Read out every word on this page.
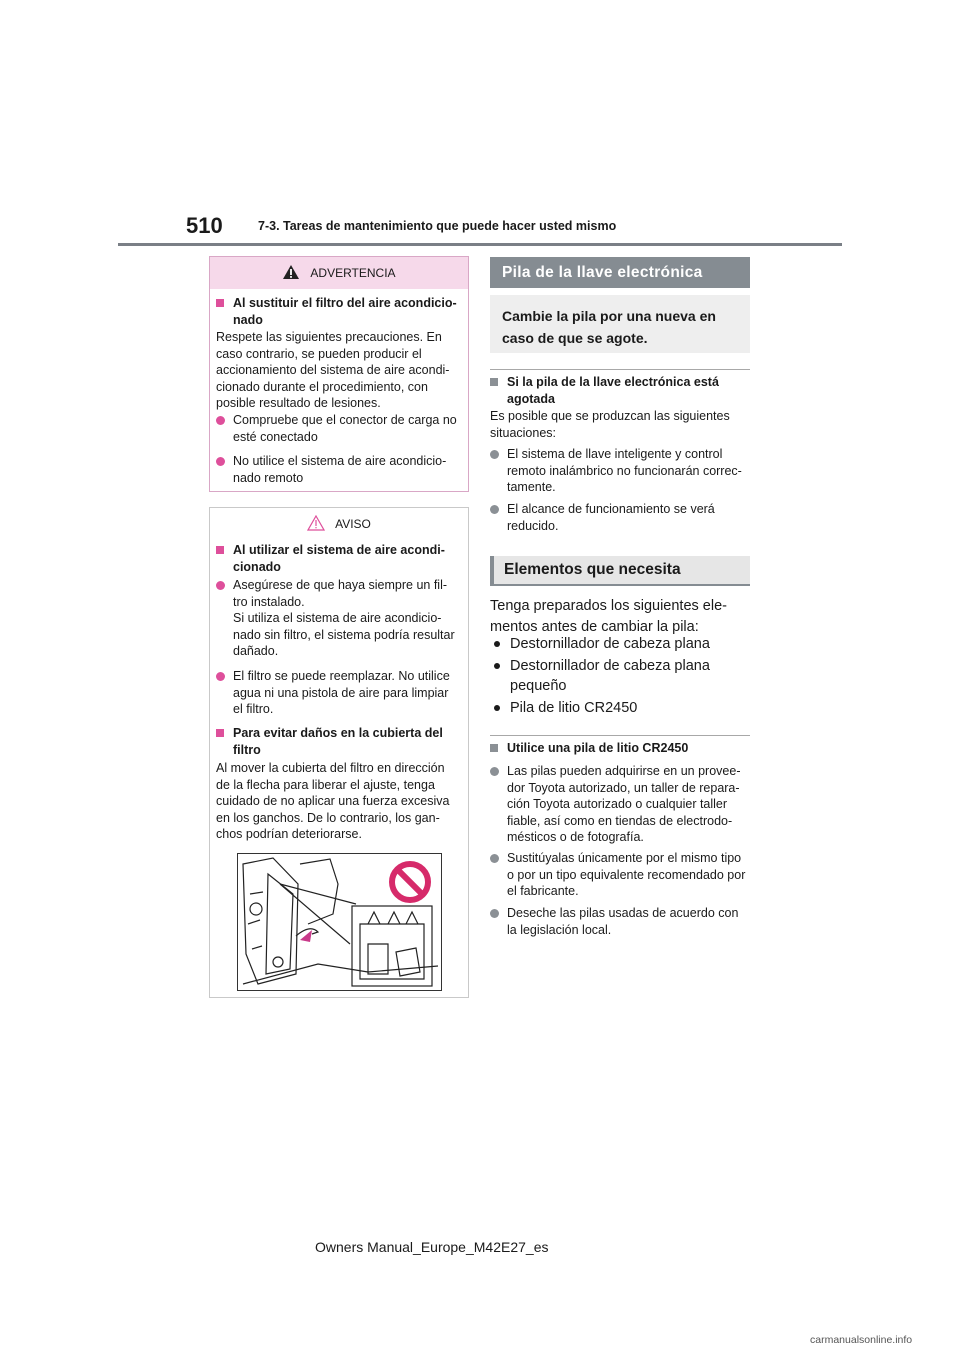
510	7-3. Tareas de mantenimiento que puede hacer usted mismo
ADVERTENCIA
Al sustituir el filtro del aire acondicio-
nado
Respete las siguientes precauciones. En
caso contrario, se pueden producir el
accionamiento del sistema de aire acondi-
cionado durante el procedimiento, con
posible resultado de lesiones.
Compruebe que el conector de carga no
esté conectado
No utilice el sistema de aire acondicio-
nado remoto
AVISO
Al utilizar el sistema de aire acondi-
cionado
Asegúrese de que haya siempre un fil-
tro instalado.
Si utiliza el sistema de aire acondicio-
nado sin filtro, el sistema podría resultar
dañado.
El filtro se puede reemplazar. No utilice
agua ni una pistola de aire para limpiar
el filtro.
Para evitar daños en la cubierta del
filtro
Al mover la cubierta del filtro en dirección
de la flecha para liberar el ajuste, tenga
cuidado de no aplicar una fuerza excesiva
en los ganchos. De lo contrario, los gan-
chos podrían deteriorarse.
Pila de la llave electrónica
Cambie la pila por una nueva en
caso de que se agote.
Si la pila de la llave electrónica está
agotada
Es posible que se produzcan las siguientes
situaciones:
El sistema de llave inteligente y control
remoto inalámbrico no funcionarán correc-
tamente.
El alcance de funcionamiento se verá
reducido.
Elementos que necesita
Tenga preparados los siguientes ele-
mentos antes de cambiar la pila:
Destornillador de cabeza plana
Destornillador de cabeza plana
pequeño
Pila de litio CR2450
Utilice una pila de litio CR2450
Las pilas pueden adquirirse en un provee-
dor Toyota autorizado, un taller de repara-
ción Toyota autorizado o cualquier taller
fiable, así como en tiendas de electrodo-
mésticos o de fotografía.
Sustitúyalas únicamente por el mismo tipo
o por un tipo equivalente recomendado por
el fabricante.
Deseche las pilas usadas de acuerdo con
la legislación local.
Owners Manual_Europe_M42E27_es
carmanualsonline.info
